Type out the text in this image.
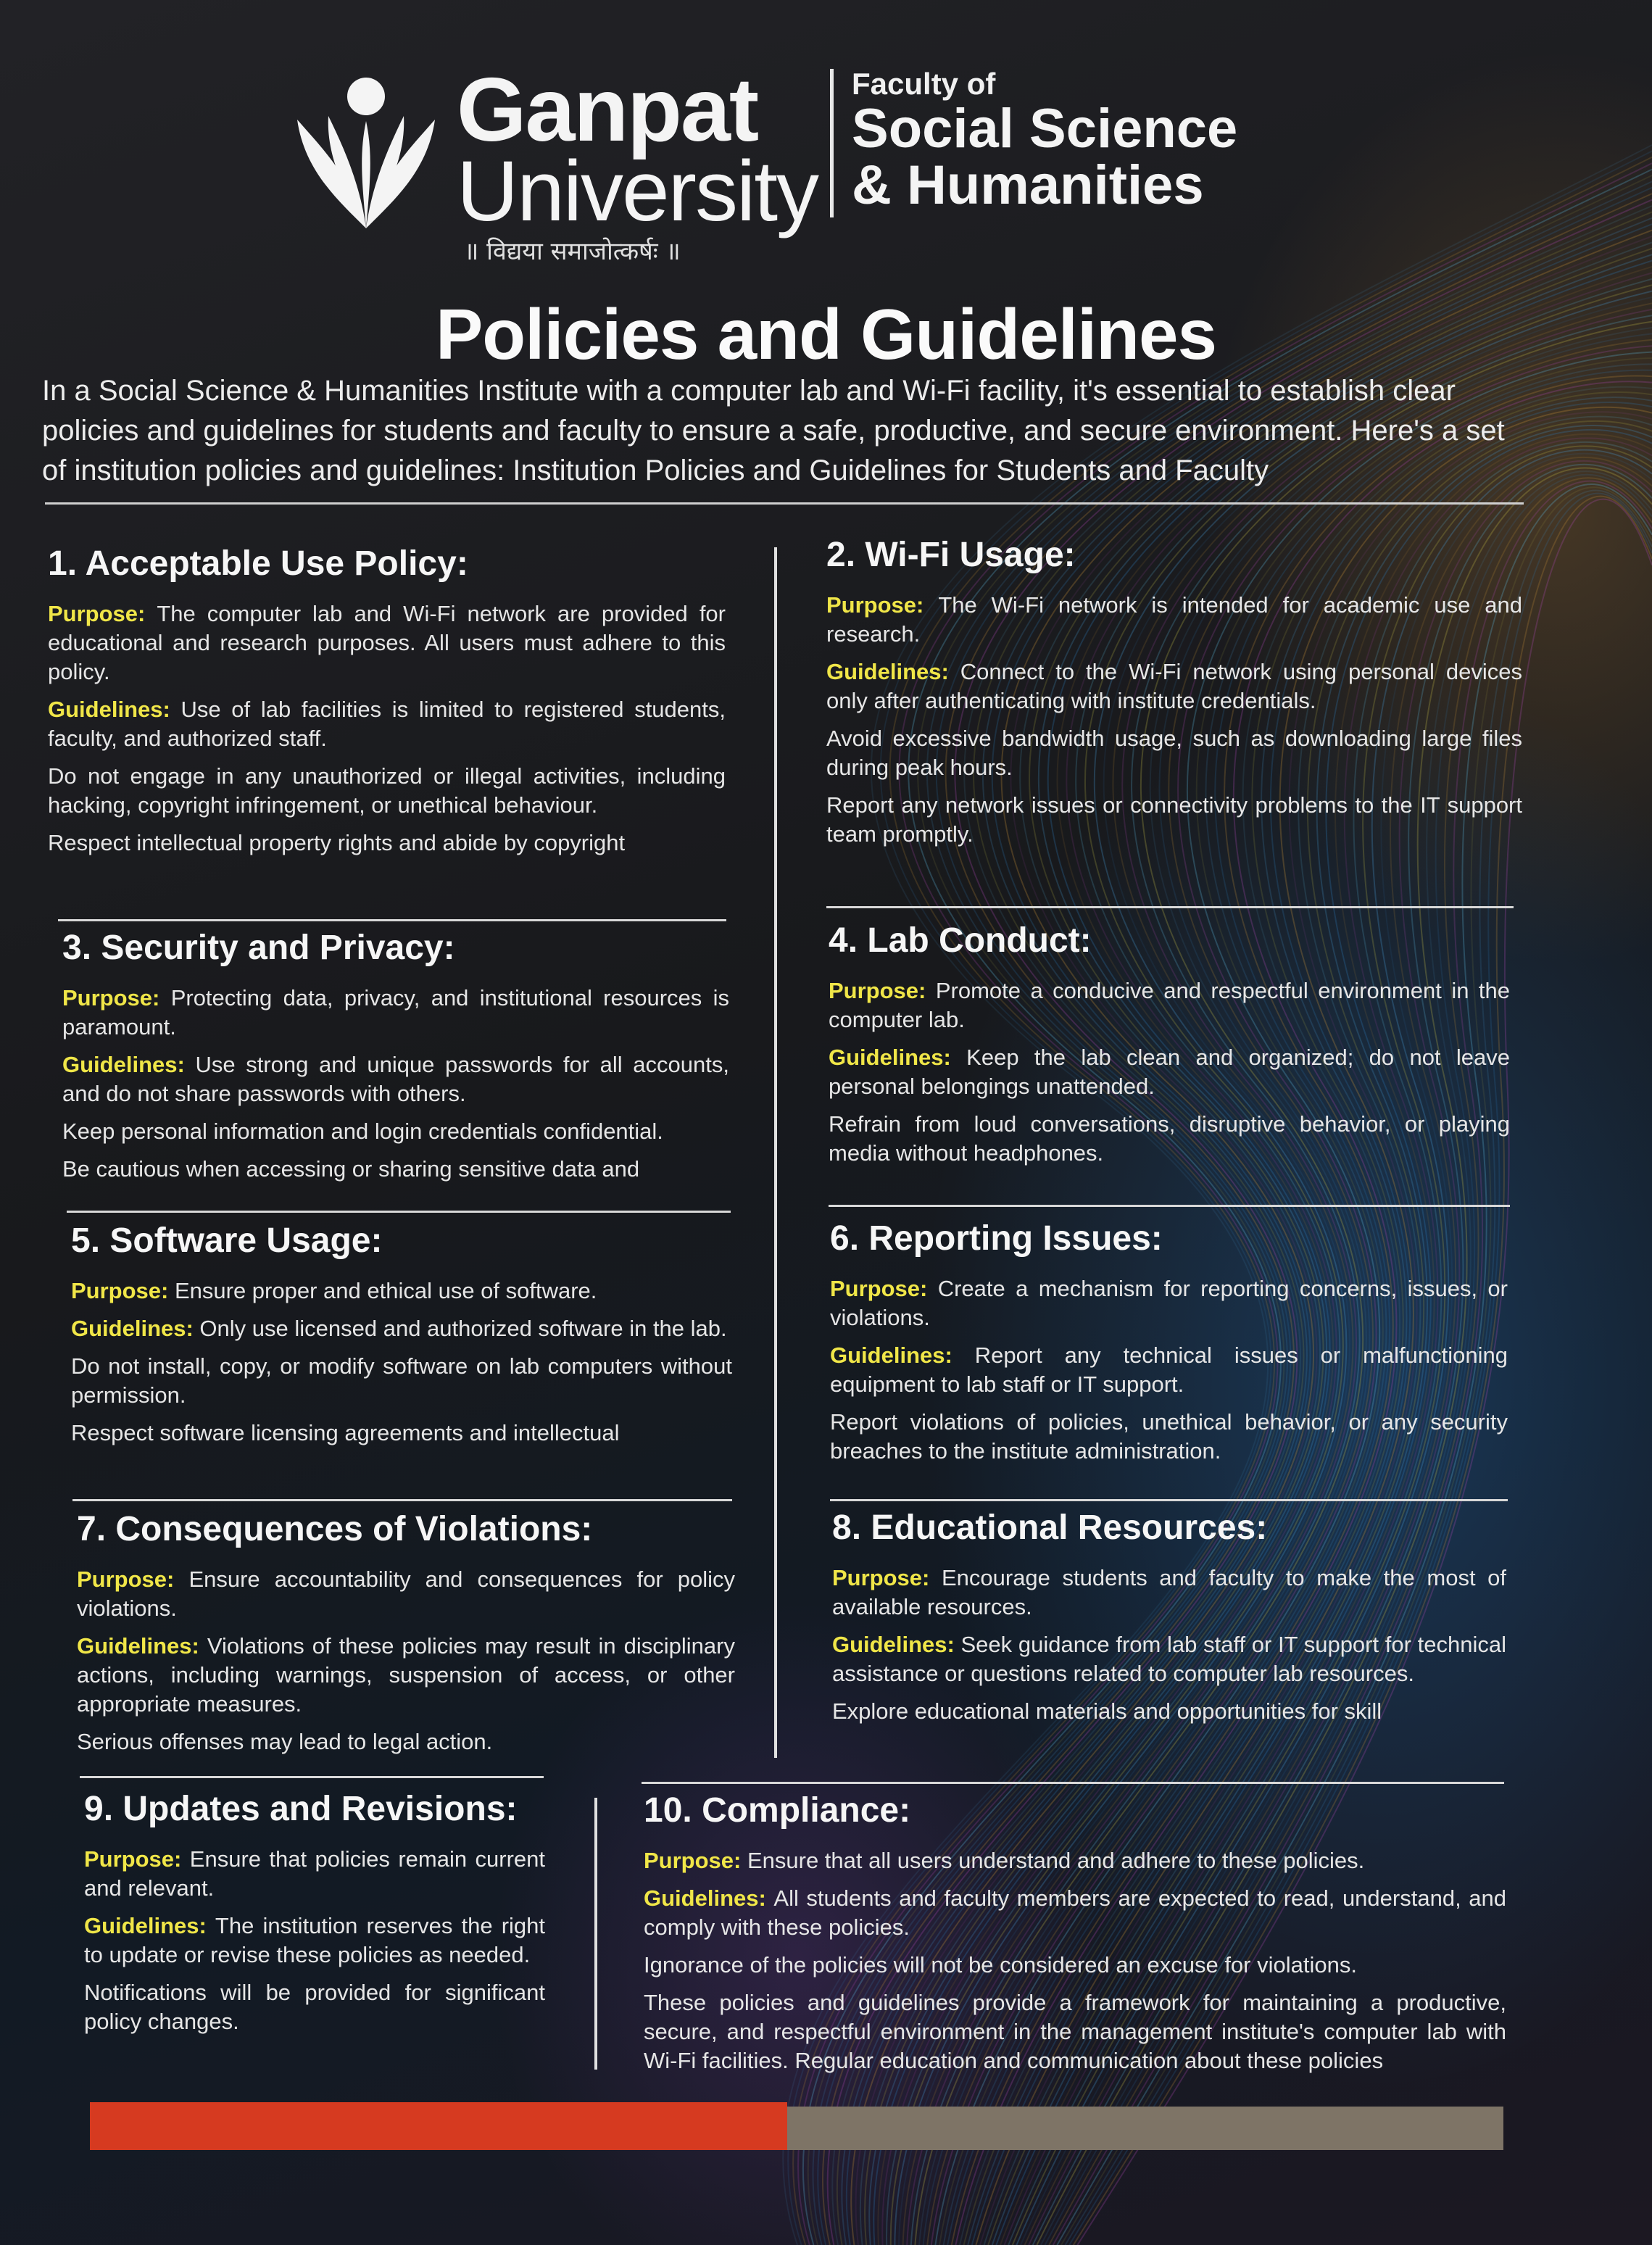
Ganpat
University
॥ विद्यया समाजोत्कर्षः ॥
Faculty of
Social Science
& Humanities
Policies and Guidelines

In a Social Science & Humanities Institute with a computer lab and Wi-Fi facility, it's essential to establish clear policies and guidelines for students and faculty to ensure a safe, productive, and secure environment. Here's a set of institution policies and guidelines: Institution Policies and Guidelines for Students and Faculty

1. Acceptable Use Policy:

Purpose: The computer lab and Wi-Fi network are provided for educational and research purposes. All users must adhere to this policy.

Guidelines: Use of lab facilities is limited to registered students, faculty, and authorized staff.

Do not engage in any unauthorized or illegal activities, including hacking, copyright infringement, or unethical behaviour.

Respect intellectual property rights and abide by copyright

2. Wi-Fi Usage:

Purpose: The Wi-Fi network is intended for academic use and research.

Guidelines: Connect to the Wi-Fi network using personal devices only after authenticating with institute credentials.

Avoid excessive bandwidth usage, such as downloading large files during peak hours.

Report any network issues or connectivity problems to the IT support team promptly.

3. Security and Privacy:

Purpose: Protecting data, privacy, and institutional resources is paramount.

Guidelines: Use strong and unique passwords for all accounts, and do not share passwords with others.

Keep personal information and login credentials confidential.

Be cautious when accessing or sharing sensitive data and

4. Lab Conduct:

Purpose: Promote a conducive and respectful environment in the computer lab.

Guidelines: Keep the lab clean and organized; do not leave personal belongings unattended.

Refrain from loud conversations, disruptive behavior, or playing media without headphones.

5. Software Usage:

Purpose: Ensure proper and ethical use of software.

Guidelines: Only use licensed and authorized software in the lab.

Do not install, copy, or modify software on lab computers without permission.

Respect software licensing agreements and intellectual

6. Reporting Issues:

Purpose: Create a mechanism for reporting concerns, issues, or violations.

Guidelines: Report any technical issues or malfunctioning equipment to lab staff or IT support.

Report violations of policies, unethical behavior, or any security breaches to the institute administration.

7. Consequences of Violations:

Purpose: Ensure accountability and consequences for policy violations.

Guidelines: Violations of these policies may result in disciplinary actions, including warnings, suspension of access, or other appropriate measures.

Serious offenses may lead to legal action.

8. Educational Resources:

Purpose: Encourage students and faculty to make the most of available resources.

Guidelines: Seek guidance from lab staff or IT support for technical assistance or questions related to computer lab resources.

Explore educational materials and opportunities for skill

9. Updates and Revisions:

Purpose: Ensure that policies remain current and relevant.

Guidelines: The institution reserves the right to update or revise these policies as needed.

Notifications will be provided for significant policy changes.

10. Compliance:

Purpose: Ensure that all users understand and adhere to these policies.

Guidelines: All students and faculty members are expected to read, understand, and comply with these policies.

Ignorance of the policies will not be considered an excuse for violations.

These policies and guidelines provide a framework for maintaining a productive, secure, and respectful environment in the management institute's computer lab with Wi-Fi facilities. Regular education and communication about these policies
